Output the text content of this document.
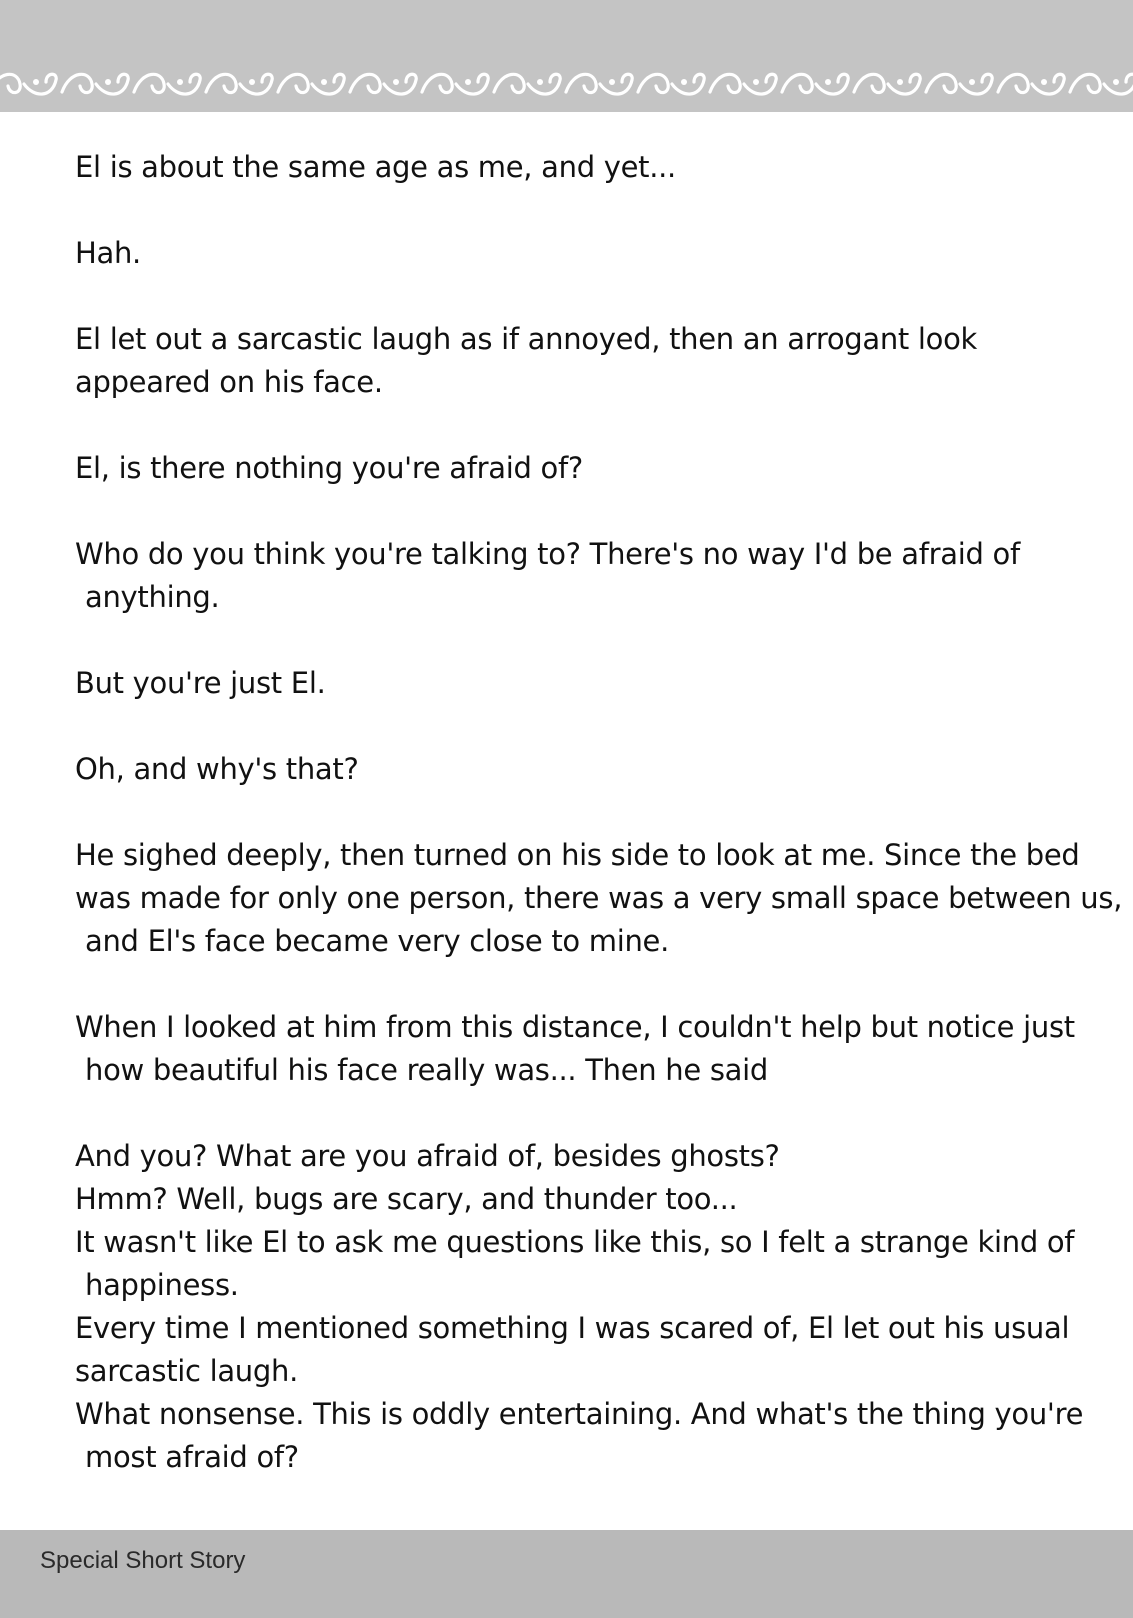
El is about the same age as me, and yet...
Hah.
El let out a sarcastic laugh as if annoyed, then an arrogant look
appeared on his face.
El, is there nothing you're afraid of?
Who do you think you're talking to? There's no way I'd be afraid of
anything.
But you're just El.
Oh, and why's that?
He sighed deeply, then turned on his side to look at me. Since the bed
was made for only one person, there was a very small space between us,
and El's face became very close to mine.
When I looked at him from this distance, I couldn't help but notice just
how beautiful his face really was... Then he said
And you? What are you afraid of, besides ghosts?
Hmm? Well, bugs are scary, and thunder too...
It wasn't like El to ask me questions like this, so I felt a strange kind of
happiness.
Every time I mentioned something I was scared of, El let out his usual
sarcastic laugh.
What nonsense. This is oddly entertaining. And what's the thing you're
most afraid of?
Special Short Story
